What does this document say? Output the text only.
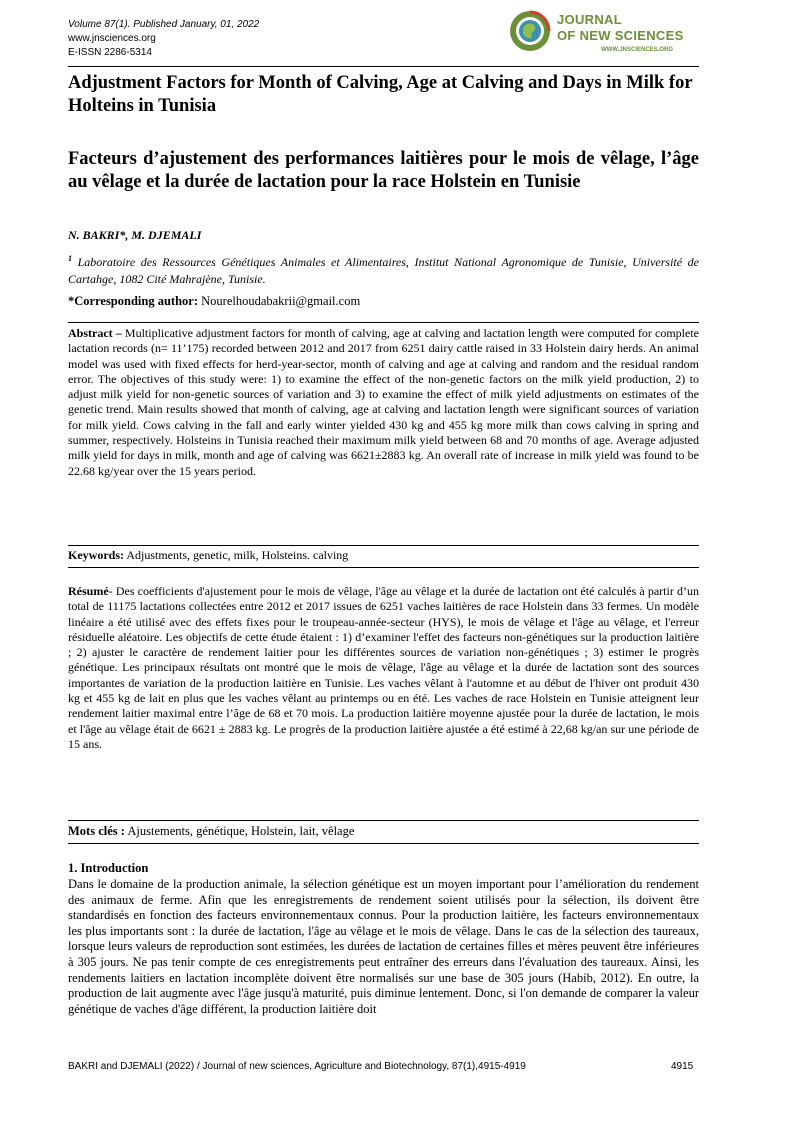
Volume 87(1). Published January, 01, 2022
www.jnsciences.org
E-ISSN 2286-5314
JOURNAL
OF NEW SCIENCES
WWW.JNSCIENCES.ORG
Adjustment Factors for Month of Calving, Age at Calving and Days in Milk for Holteins in Tunisia
Facteurs d’ajustement des performances laitières pour le mois de vêlage, l’âge au vêlage et la durée de lactation pour la race Holstein en Tunisie
N. BAKRI*, M. DJEMALI
$^1$ Laboratoire des Ressources Génétiques Animales et Alimentaires, Institut National Agronomique de Tunisie, Université de Cartahge, 1082 Cité Mahrajène, Tunisie.
*Corresponding author: Nourelhoudabakrii@gmail.com
Abstract – Multiplicative adjustment factors for month of calving, age at calving and lactation length were computed for complete lactation records (n= 11’175) recorded between 2012 and 2017 from 6251 dairy cattle raised in 33 Holstein dairy herds. An animal model was used with fixed effects for herd-year-sector, month of calving and age at calving and random and the residual random error. The objectives of this study were: 1) to examine the effect of the non-genetic factors on the milk yield production, 2) to adjust milk yield for non-genetic sources of variation and 3) to examine the effect of milk yield adjustments on estimates of the genetic trend. Main results showed that month of calving, age at calving and lactation length were significant sources of variation for milk yield. Cows calving in the fall and early winter yielded 430 kg and 455 kg more milk than cows calving in spring and summer, respectively. Holsteins in Tunisia reached their maximum milk yield between 68 and 70 months of age. Average adjusted milk yield for days in milk, month and age of calving was 6621±2883 kg. An overall rate of increase in milk yield was found to be 22.68 kg/year over the 15 years period.
Keywords: Adjustments, genetic, milk, Holsteins. calving
Résumé- Des coefficients d'ajustement pour le mois de vêlage, l'âge au vêlage et la durée de lactation ont été calculés à partir d’un total de 11175 lactations collectées entre 2012 et 2017 issues de 6251 vaches laitières de race Holstein dans 33 fermes. Un modèle linéaire a été utilisé avec des effets fixes pour le troupeau-année-secteur (HYS), le mois de vêlage et l'âge au vêlage, et l'erreur résiduelle aléatoire. Les objectifs de cette étude étaient : 1) d’examiner l'effet des facteurs non-génétiques sur la production laitière ; 2) ajuster le caractère de rendement laitier pour les différentes sources de variation non-génétiques ; 3) estimer le progrès génétique. Les principaux résultats ont montré que le mois de vêlage, l'âge au vêlage et la durée de lactation sont des sources importantes de variation de la production laitière en Tunisie. Les vaches vêlant à l'automne et au début de l'hiver ont produit 430 kg et 455 kg de lait en plus que les vaches vêlant au printemps ou en été. Les vaches de race Holstein en Tunisie atteignent leur rendement laitier maximal entre l’âge de 68 et 70 mois. La production laitière moyenne ajustée pour la durée de lactation, le mois et l'âge au vêlage était de 6621 ± 2883 kg. Le progrès de la production laitière ajustée a été estimé à 22,68 kg/an sur une période de 15 ans.
Mots clés : Ajustements, génétique, Holstein, lait, vêlage
1. Introduction
Dans le domaine de la production animale, la sélection génétique est un moyen important pour l’amélioration du rendement des animaux de ferme. Afin que les enregistrements de rendement soient utilisés pour la sélection, ils doivent être standardisés en fonction des facteurs environnementaux connus. Pour la production laitière, les facteurs environnementaux les plus importants sont : la durée de lactation, l'âge au vêlage et le mois de vêlage. Dans le cas de la sélection des taureaux, lorsque leurs valeurs de reproduction sont estimées, les durées de lactation de certaines filles et mères peuvent être inférieures à 305 jours. Ne pas tenir compte de ces enregistrements peut entraîner des erreurs dans l'évaluation des taureaux. Ainsi, les rendements laitiers en lactation incomplète doivent être normalisés sur une base de 305 jours (Habib, 2012). En outre, la production de lait augmente avec l'âge jusqu'à maturité, puis diminue lentement. Donc, si l'on demande de comparer la valeur génétique de vaches d'âge différent, la production laitière doit
BAKRI and DJEMALI (2022) / Journal of new sciences, Agriculture and Biotechnology, 87(1),4915-4919	4915
